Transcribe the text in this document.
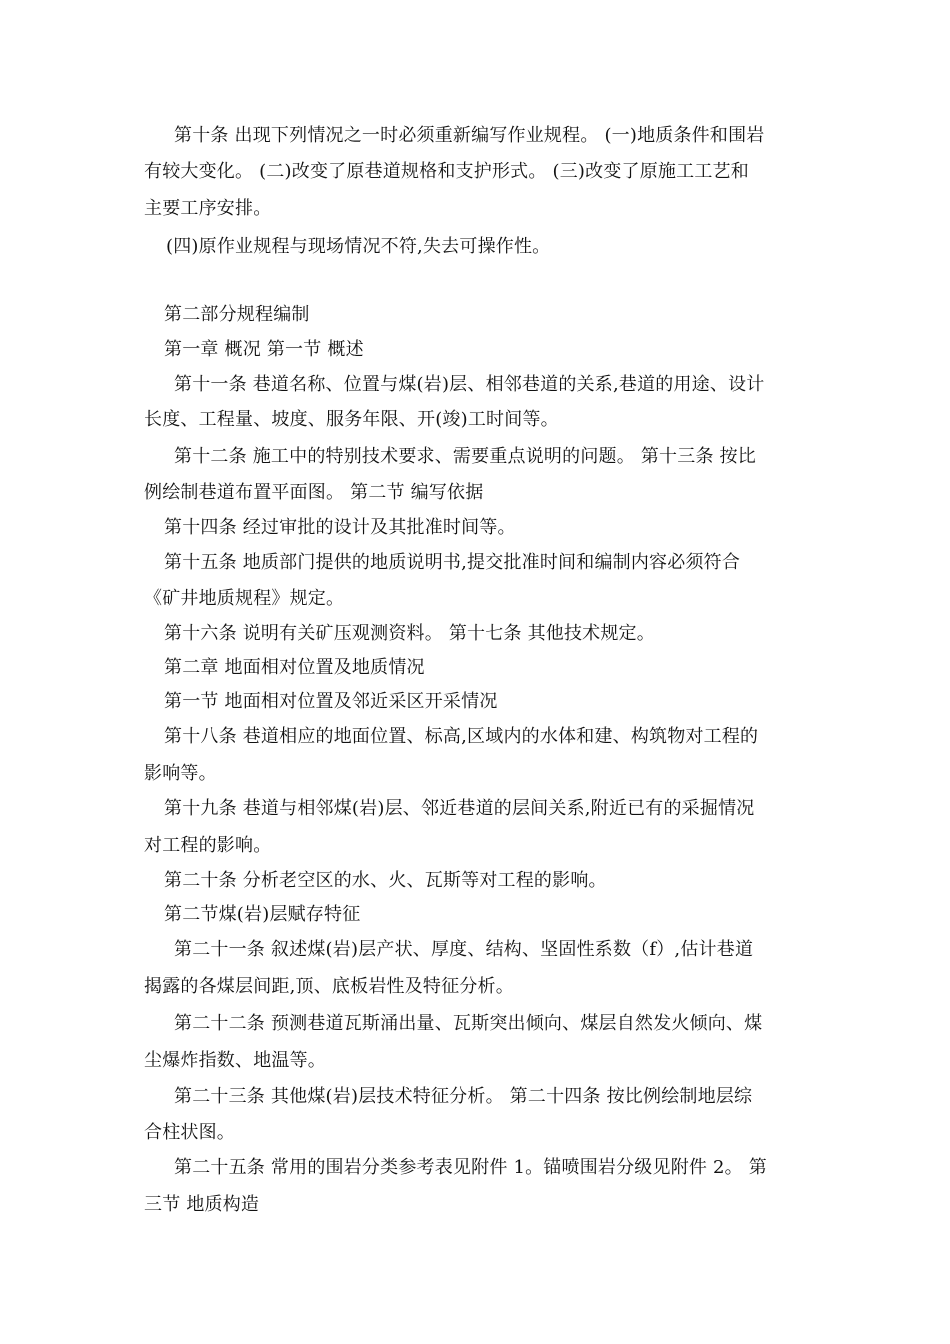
第十条 出现下列情况之一时必须重新编写作业规程。 (一)地质条件和围岩
有较大变化。 (二)改变了原巷道规格和支护形式。 (三)改变了原施工工艺和
主要工序安排。
(四)原作业规程与现场情况不符,失去可操作性。
第二部分规程编制
第一章 概况 第一节 概述
第十一条 巷道名称、位置与煤(岩)层、相邻巷道的关系,巷道的用途、设计
长度、工程量、坡度、服务年限、开(竣)工时间等。
第十二条 施工中的特别技术要求、需要重点说明的问题。 第十三条 按比
例绘制巷道布置平面图。 第二节 编写依据
第十四条 经过审批的设计及其批准时间等。
第十五条 地质部门提供的地质说明书,提交批准时间和编制内容必须符合
《矿井地质规程》规定。
第十六条 说明有关矿压观测资料。 第十七条 其他技术规定。
第二章 地面相对位置及地质情况
第一节 地面相对位置及邻近采区开采情况
第十八条 巷道相应的地面位置、标高,区域内的水体和建、构筑物对工程的
影响等。
第十九条 巷道与相邻煤(岩)层、邻近巷道的层间关系,附近已有的采掘情况
对工程的影响。
第二十条 分析老空区的水、火、瓦斯等对工程的影响。
第二节煤(岩)层赋存特征
第二十一条 叙述煤(岩)层产状、厚度、结构、坚固性系数（f）,估计巷道
揭露的各煤层间距,顶、底板岩性及特征分析。
第二十二条 预测巷道瓦斯涌出量、瓦斯突出倾向、煤层自然发火倾向、煤
尘爆炸指数、地温等。
第二十三条 其他煤(岩)层技术特征分析。 第二十四条 按比例绘制地层综
合柱状图。
第二十五条 常用的围岩分类参考表见附件 1。锚喷围岩分级见附件 2。 第
三节 地质构造
